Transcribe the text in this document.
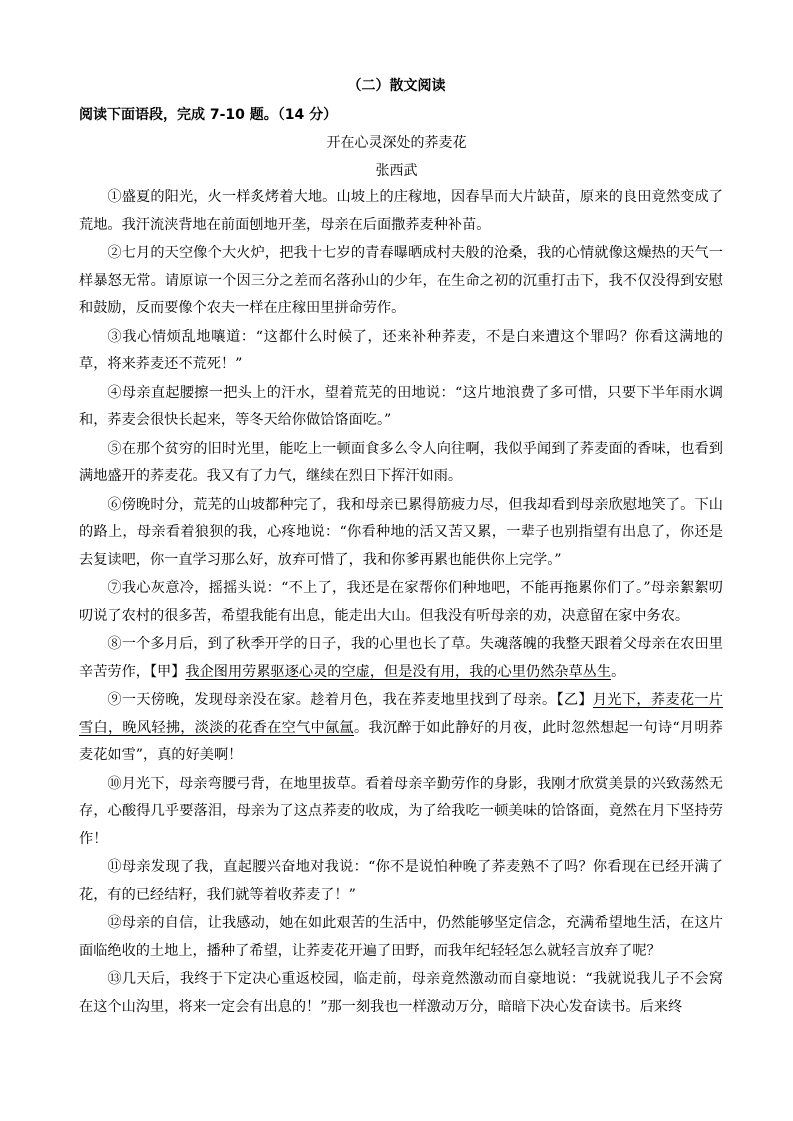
（二）散文阅读
阅读下面语段，完成 7-10 题。（14 分）
开在心灵深处的荞麦花
张西武

①盛夏的阳光，火一样炙烤着大地。山坡上的庄稼地，因春旱而大片缺苗，原来的良田竟然变成了荒地。我汗流浃背地在前面刨地开垄，母亲在后面撒荞麦种补苗。

②七月的天空像个大火炉，把我十七岁的青春曝晒成村夫般的沧桑，我的心情就像这燥热的天气一样暴怒无常。请原谅一个因三分之差而名落孙山的少年，在生命之初的沉重打击下，我不仅没得到安慰和鼓励，反而要像个农夫一样在庄稼田里拼命劳作。

③我心情烦乱地嚷道：“这都什么时候了，还来补种荞麦，不是白来遭这个罪吗？你看这满地的草，将来荞麦还不荒死！”

④母亲直起腰擦一把头上的汗水，望着荒芜的田地说：“这片地浪费了多可惜，只要下半年雨水调和，荞麦会很快长起来，等冬天给你做饸饹面吃。”

⑤在那个贫穷的旧时光里，能吃上一顿面食多么令人向往啊，我似乎闻到了荞麦面的香味，也看到满地盛开的荞麦花。我又有了力气，继续在烈日下挥汗如雨。

⑥傍晚时分，荒芜的山坡都种完了，我和母亲已累得筋疲力尽，但我却看到母亲欣慰地笑了。下山的路上，母亲看着狼狈的我，心疼地说：“你看种地的活又苦又累，一辈子也别指望有出息了，你还是去复读吧，你一直学习那么好，放弃可惜了，我和你爹再累也能供你上完学。”

⑦我心灰意冷，摇摇头说：“不上了，我还是在家帮你们种地吧，不能再拖累你们了。”母亲絮絮叨叨说了农村的很多苦，希望我能有出息，能走出大山。但我没有听母亲的劝，决意留在家中务农。

⑧一个多月后，到了秋季开学的日子，我的心里也长了草。失魂落魄的我整天跟着父母亲在农田里辛苦劳作，【甲】我企图用劳累驱逐心灵的空虚，但是没有用，我的心里仍然杂草丛生。

⑨一天傍晚，发现母亲没在家。趁着月色，我在荞麦地里找到了母亲。【乙】月光下，荞麦花一片雪白，晚风轻拂，淡淡的花香在空气中氤氲。我沉醉于如此静好的月夜，此时忽然想起一句诗“月明荞麦花如雪”，真的好美啊！

⑩月光下，母亲弯腰弓背，在地里拔草。看着母亲辛勤劳作的身影，我刚才欣赏美景的兴致荡然无存，心酸得几乎要落泪，母亲为了这点荞麦的收成，为了给我吃一顿美味的饸饹面，竟然在月下坚持劳作！

⑪母亲发现了我，直起腰兴奋地对我说：“你不是说怕种晚了荞麦熟不了吗？你看现在已经开满了花，有的已经结籽，我们就等着收荞麦了！”

⑫母亲的自信，让我感动，她在如此艰苦的生活中，仍然能够坚定信念，充满希望地生活，在这片面临绝收的土地上，播种了希望，让荞麦花开遍了田野，而我年纪轻轻怎么就轻言放弃了呢？

⑬几天后，我终于下定决心重返校园，临走前，母亲竟然激动而自豪地说：“我就说我儿子不会窝在这个山沟里，将来一定会有出息的！”那一刻我也一样激动万分，暗暗下决心发奋读书。后来终
